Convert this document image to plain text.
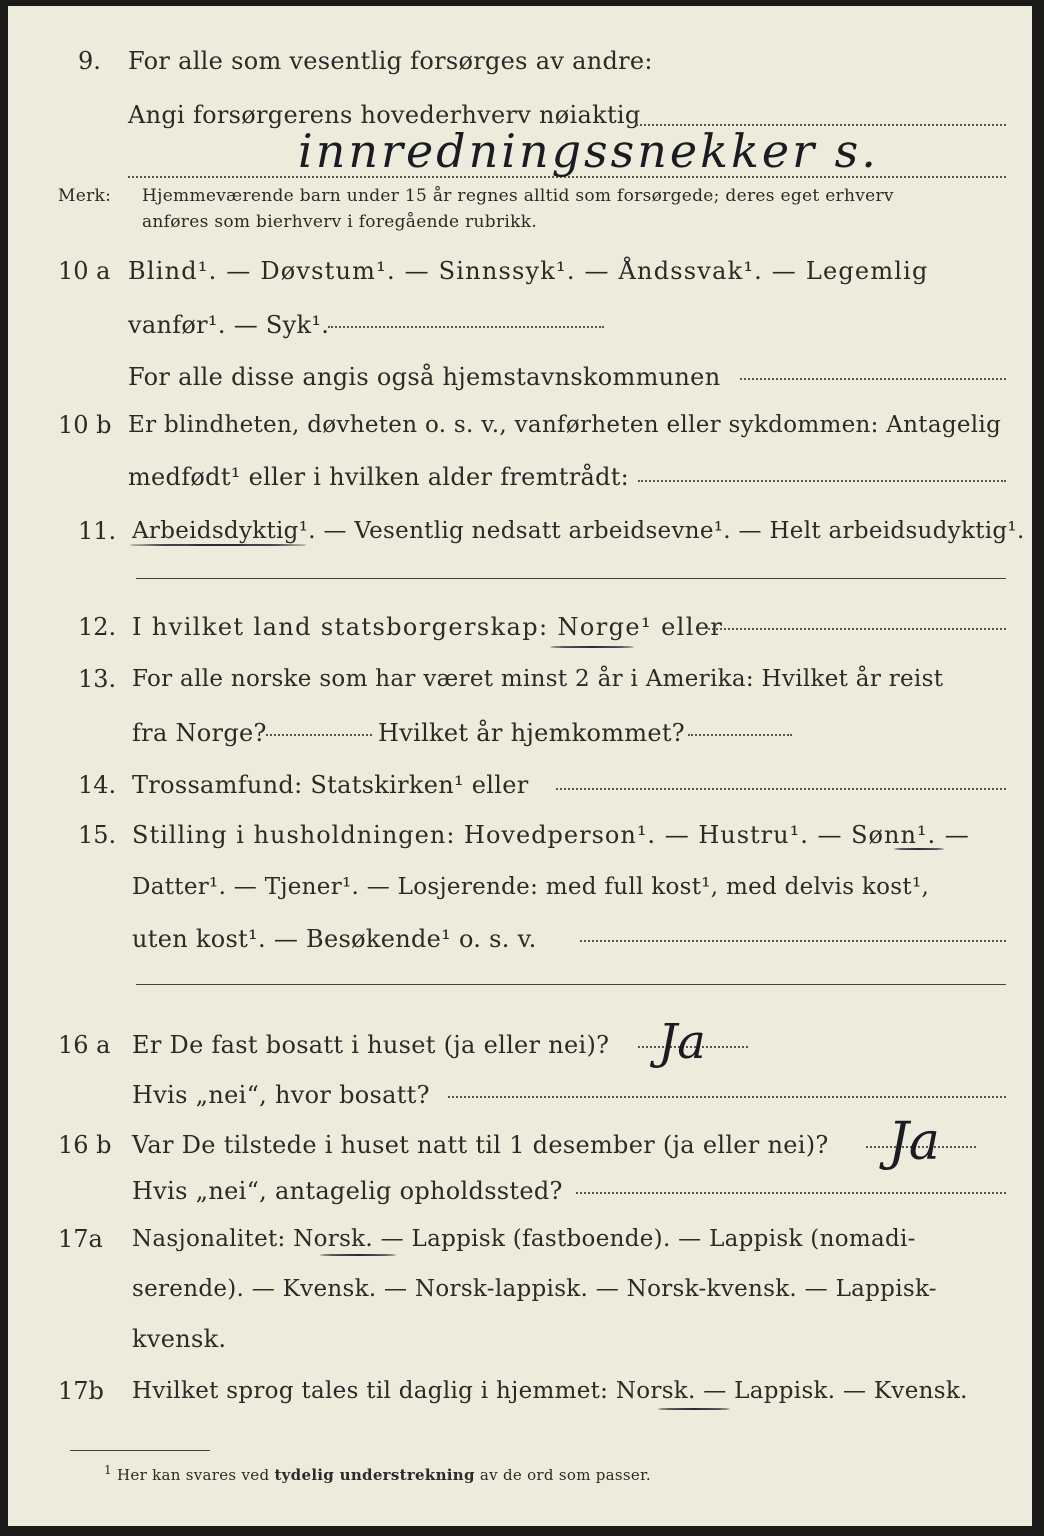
9. For alle som vesentlig forsørges av andre:
Angi forsørgerens hovederhverv nøiaktig
innredningssnekker s.
Merk: Hjemmeværende barn under 15 år regnes alltid som forsørgede; deres eget erhverv
anføres som bierhverv i foregående rubrikk.
10 a Blind¹. — Døvstum¹. — Sinnssyk¹. — Åndssvak¹. — Legemlig
vanfør¹. — Syk¹.
For alle disse angis også hjemstavnskommunen
10 b Er blindheten, døvheten o. s. v., vanførheten eller sykdommen: Antagelig
medfødt¹ eller i hvilken alder fremtrådt:
11. Arbeidsdyktig¹. — Vesentlig nedsatt arbeidsevne¹. — Helt arbeidsudyktig¹.
12. I hvilket land statsborgerskap: Norge¹ eller
13. For alle norske som har været minst 2 år i Amerika: Hvilket år reist
fra Norge?	Hvilket år hjemkommet?
14. Trossamfund: Statskirken¹ eller
15. Stilling i husholdningen: Hovedperson¹. — Hustru¹. — Sønn¹. —
Datter¹. — Tjener¹. — Losjerende: med full kost¹, med delvis kost¹,
uten kost¹. — Besøkende¹ o. s. v.
16 a Er De fast bosatt i huset (ja eller nei)? Ja
Hvis „nei“, hvor bosatt?
16 b Var De tilstede i huset natt til 1 desember (ja eller nei)? Ja
Hvis „nei“, antagelig opholdssted?
17a Nasjonalitet: Norsk. — Lappisk (fastboende). — Lappisk (nomadi-
serende). — Kvensk. — Norsk-lappisk. — Norsk-kvensk. — Lappisk-
kvensk.
17b Hvilket sprog tales til daglig i hjemmet: Norsk. — Lappisk. — Kvensk.
$^1$ Her kan svares ved tydelig understrekning av de ord som passer.
